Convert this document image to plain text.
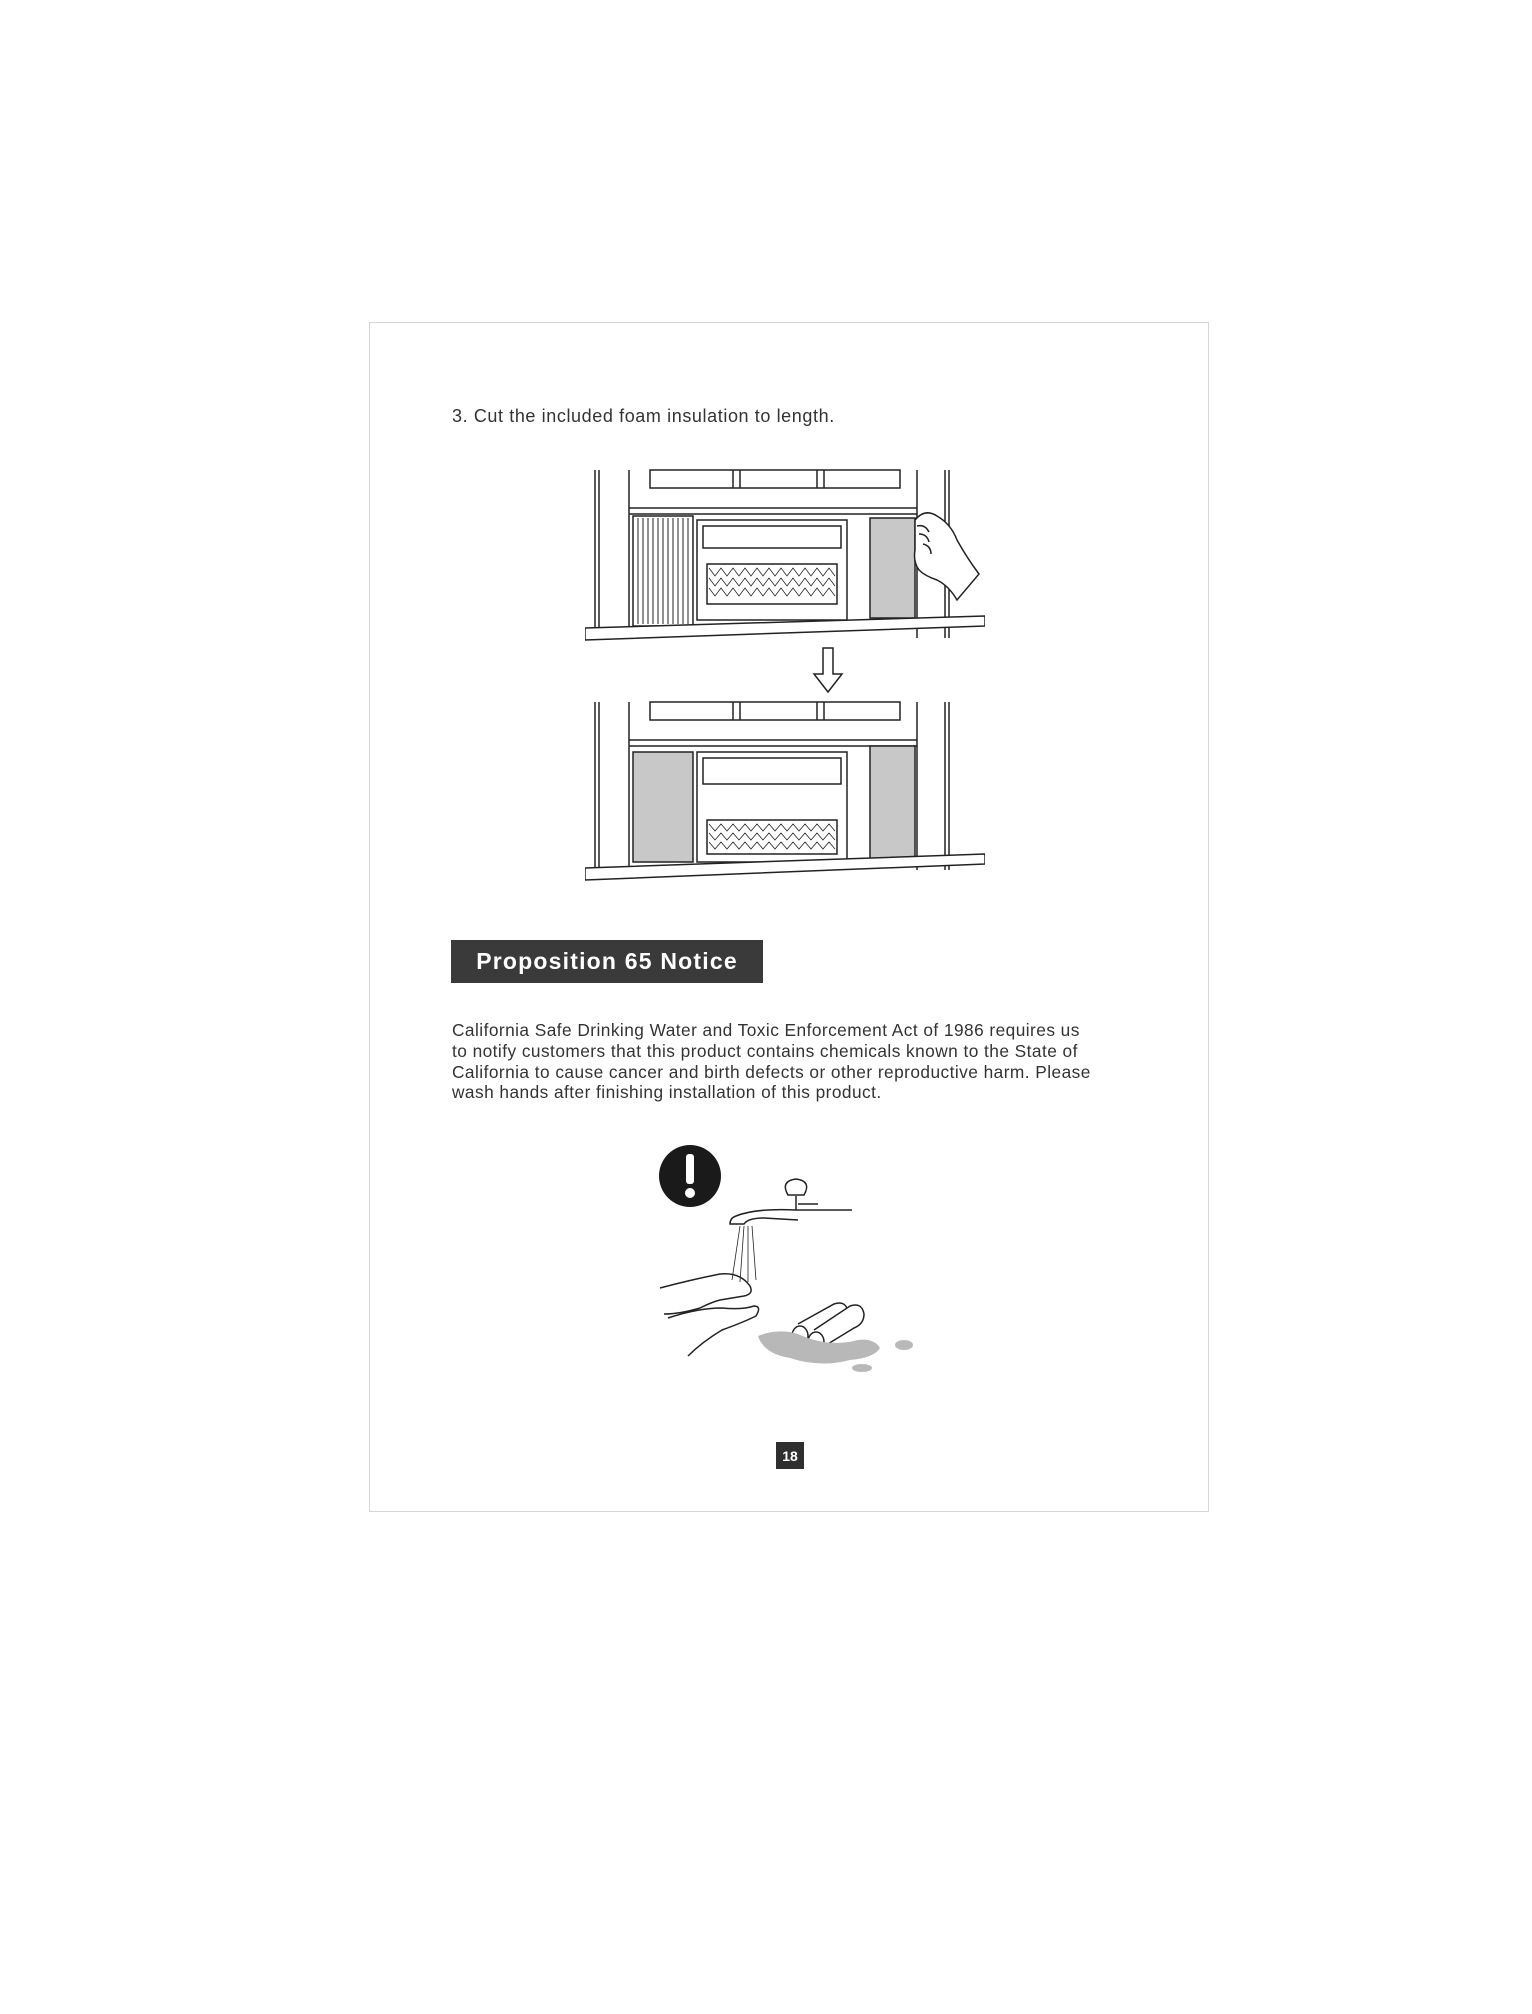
3. Cut the included foam insulation to length.

Proposition 65 Notice

California Safe Drinking Water and Toxic Enforcement Act of 1986 requires us
to notify customers that this product contains chemicals known to the State of
California to cause cancer and birth defects or other reproductive harm. Please
wash hands after finishing installation of this product.

18
